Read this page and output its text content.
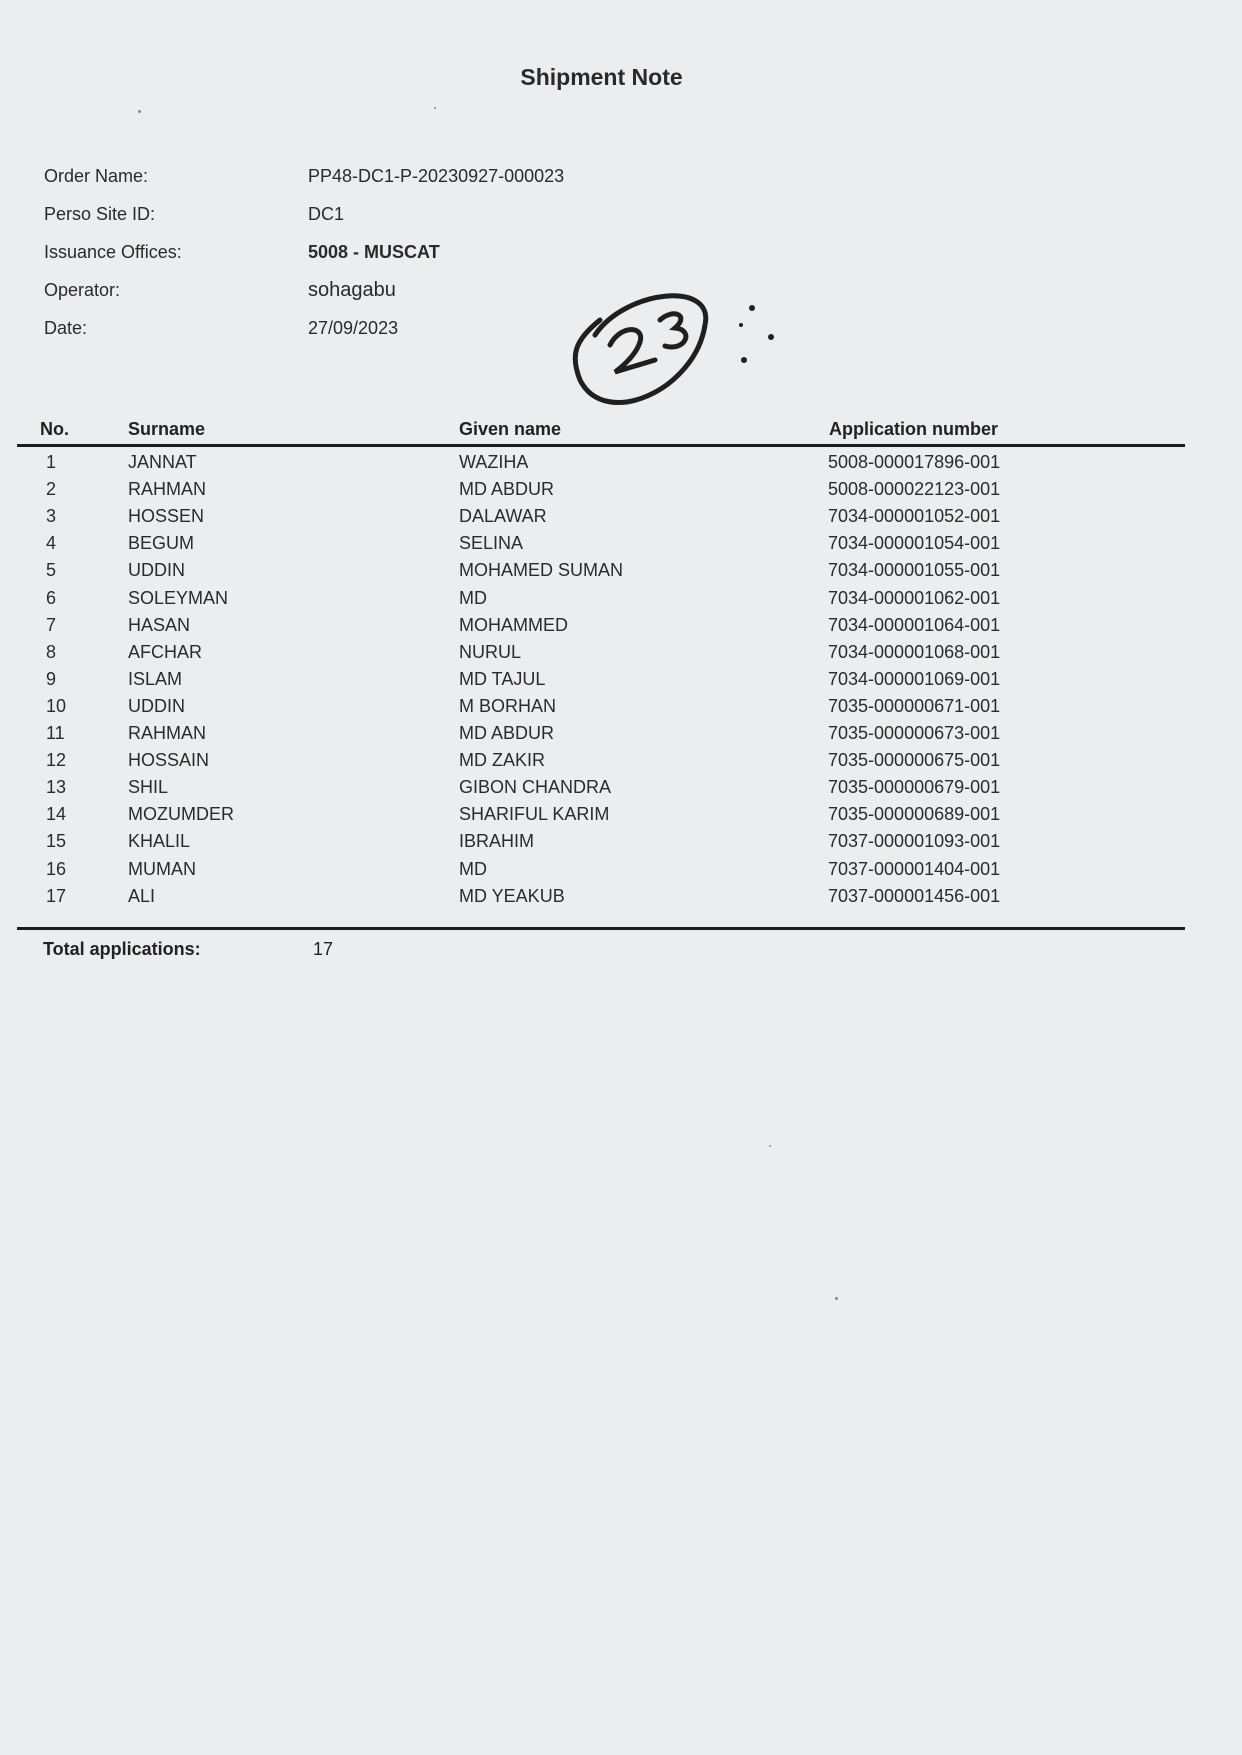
Shipment Note
Order Name:	PP48-DC1-P-20230927-000023
Perso Site ID:	DC1
Issuance Offices:	5008 - MUSCAT
Operator:	sohagabu
Date:	27/09/2023
No.	Surname	Given name	Application number
1	JANNAT	WAZIHA	5008-000017896-001
2	RAHMAN	MD ABDUR	5008-000022123-001
3	HOSSEN	DALAWAR	7034-000001052-001
4	BEGUM	SELINA	7034-000001054-001
5	UDDIN	MOHAMED SUMAN	7034-000001055-001
6	SOLEYMAN	MD	7034-000001062-001
7	HASAN	MOHAMMED	7034-000001064-001
8	AFCHAR	NURUL	7034-000001068-001
9	ISLAM	MD TAJUL	7034-000001069-001
10	UDDIN	M BORHAN	7035-000000671-001
11	RAHMAN	MD ABDUR	7035-000000673-001
12	HOSSAIN	MD ZAKIR	7035-000000675-001
13	SHIL	GIBON CHANDRA	7035-000000679-001
14	MOZUMDER	SHARIFUL KARIM	7035-000000689-001
15	KHALIL	IBRAHIM	7037-000001093-001
16	MUMAN	MD	7037-000001404-001
17	ALI	MD YEAKUB	7037-000001456-001
Total applications:	17
